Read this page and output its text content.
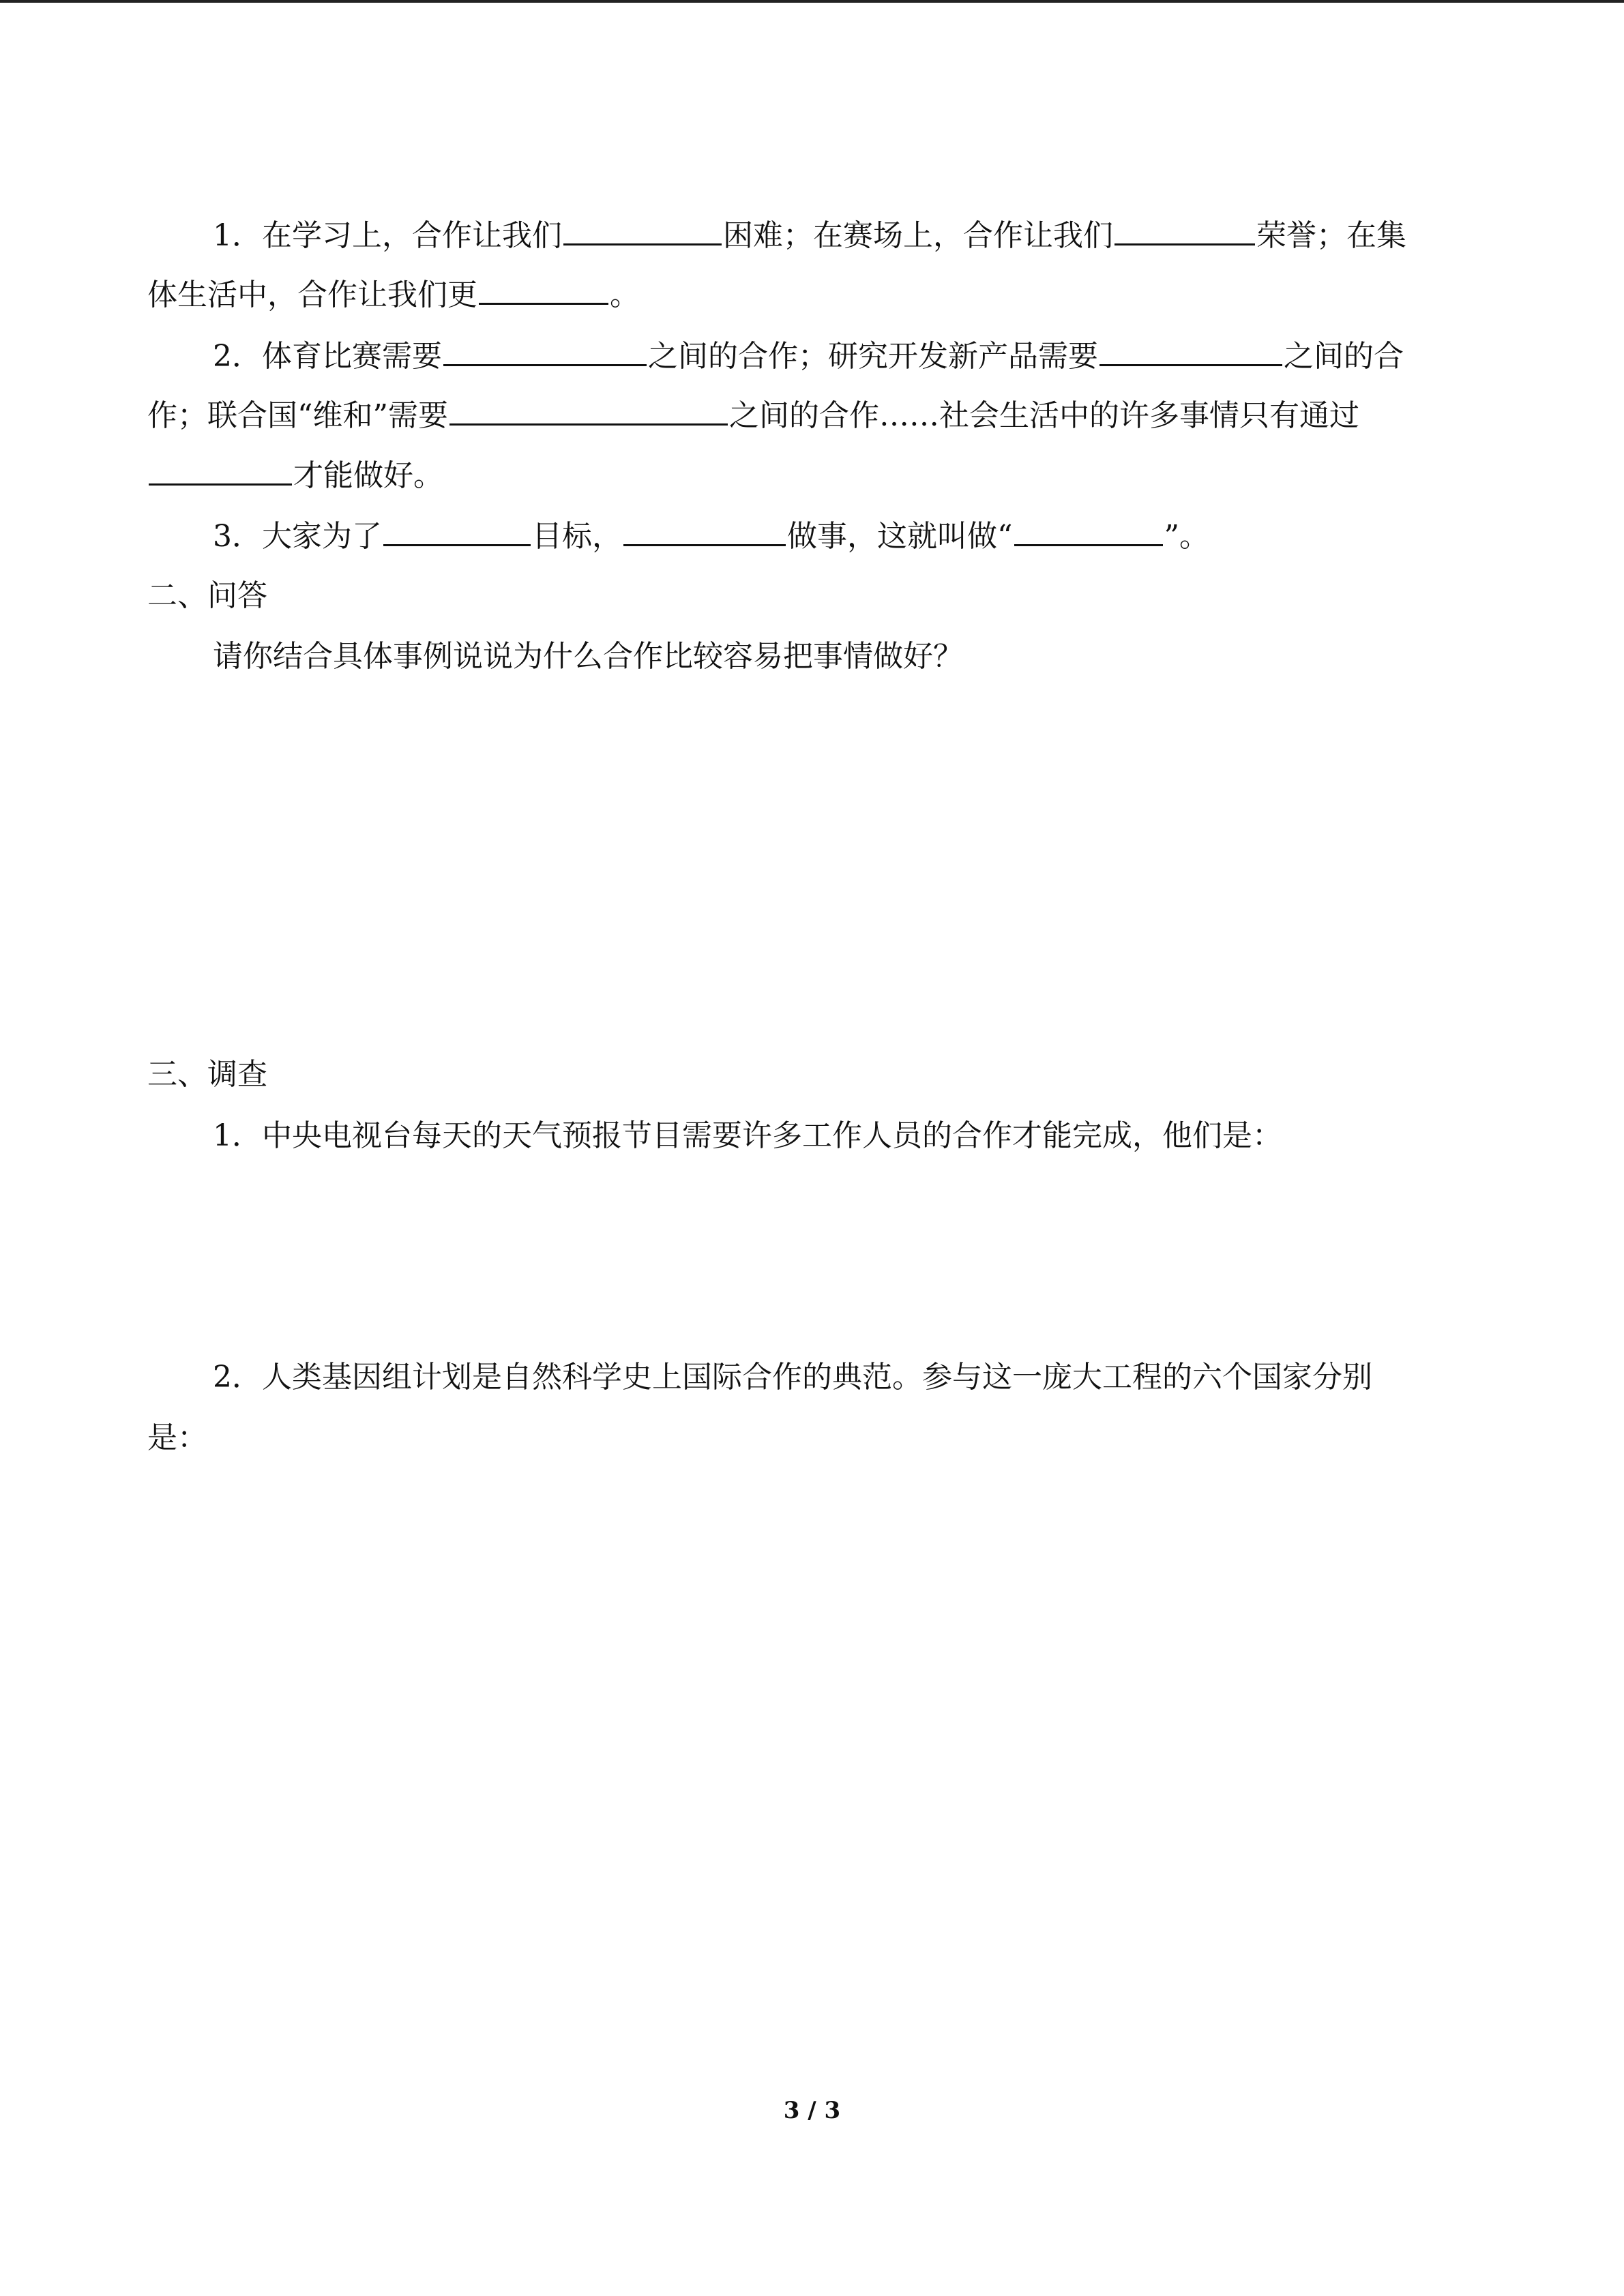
1．在学习上，合作让我们	困难；在赛场上，合作让我们	荣誉；在集
体生活中，合作让我们更	。
2．体育比赛需要	之间的合作；研究开发新产品需要	之间的合
作；联合国“维和”需要	之间的合作……社会生活中的许多事情只有通过
才能做好。
3．大家为了	目标，	做事，这就叫做“	”。
二、问答
请你结合具体事例说说为什么合作比较容易把事情做好？
三、调查
1．中央电视台每天的天气预报节目需要许多工作人员的合作才能完成，他们是：
2．人类基因组计划是自然科学史上国际合作的典范。参与这一庞大工程的六个国家分别
是：
3 / 3
